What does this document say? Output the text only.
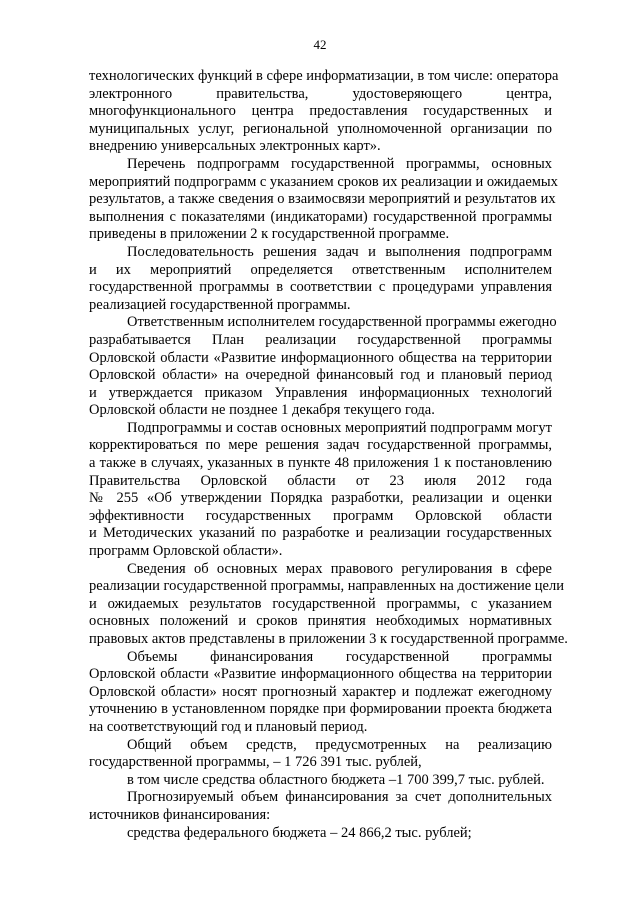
42
технологических функций в сфере информатизации, в том числе: оператора
электронного правительства, удостоверяющего центра,
многофункционального центра предоставления государственных и
муниципальных услуг, региональной уполномоченной организации по
внедрению универсальных электронных карт».
Перечень подпрограмм государственной программы, основных
мероприятий подпрограмм с указанием сроков их реализации и ожидаемых
результатов, а также сведения о взаимосвязи мероприятий и результатов их
выполнения с показателями (индикаторами) государственной программы
приведены в приложении 2 к государственной программе.
Последовательность решения задач и выполнения подпрограмм
и их мероприятий определяется ответственным исполнителем
государственной программы в соответствии с процедурами управления
реализацией государственной программы.
Ответственным исполнителем государственной программы ежегодно
разрабатывается План реализации государственной программы
Орловской области «Развитие информационного общества на территории
Орловской области» на очередной финансовый год и плановый период
и утверждается приказом Управления информационных технологий
Орловской области не позднее 1 декабря текущего года.
Подпрограммы и состав основных мероприятий подпрограмм могут
корректироваться по мере решения задач государственной программы,
а также в случаях, указанных в пункте 48 приложения 1 к постановлению
Правительства Орловской области от 23 июля 2012 года
№ 255 «Об утверждении Порядка разработки, реализации и оценки
эффективности государственных программ Орловской области
и Методических указаний по разработке и реализации государственных
программ Орловской области».
Сведения об основных мерах правового регулирования в сфере
реализации государственной программы, направленных на достижение цели
и ожидаемых результатов государственной программы, с указанием
основных положений и сроков принятия необходимых нормативных
правовых актов представлены в приложении 3 к государственной программе.
Объемы финансирования государственной программы
Орловской области «Развитие информационного общества на территории
Орловской области» носят прогнозный характер и подлежат ежегодному
уточнению в установленном порядке при формировании проекта бюджета
на соответствующий год и плановый период.
Общий объем средств, предусмотренных на реализацию
государственной программы, – 1 726 391 тыс. рублей,
в том числе средства областного бюджета –1 700 399,7 тыс. рублей.
Прогнозируемый объем финансирования за счет дополнительных
источников финансирования:
средства федерального бюджета – 24 866,2 тыс. рублей;
